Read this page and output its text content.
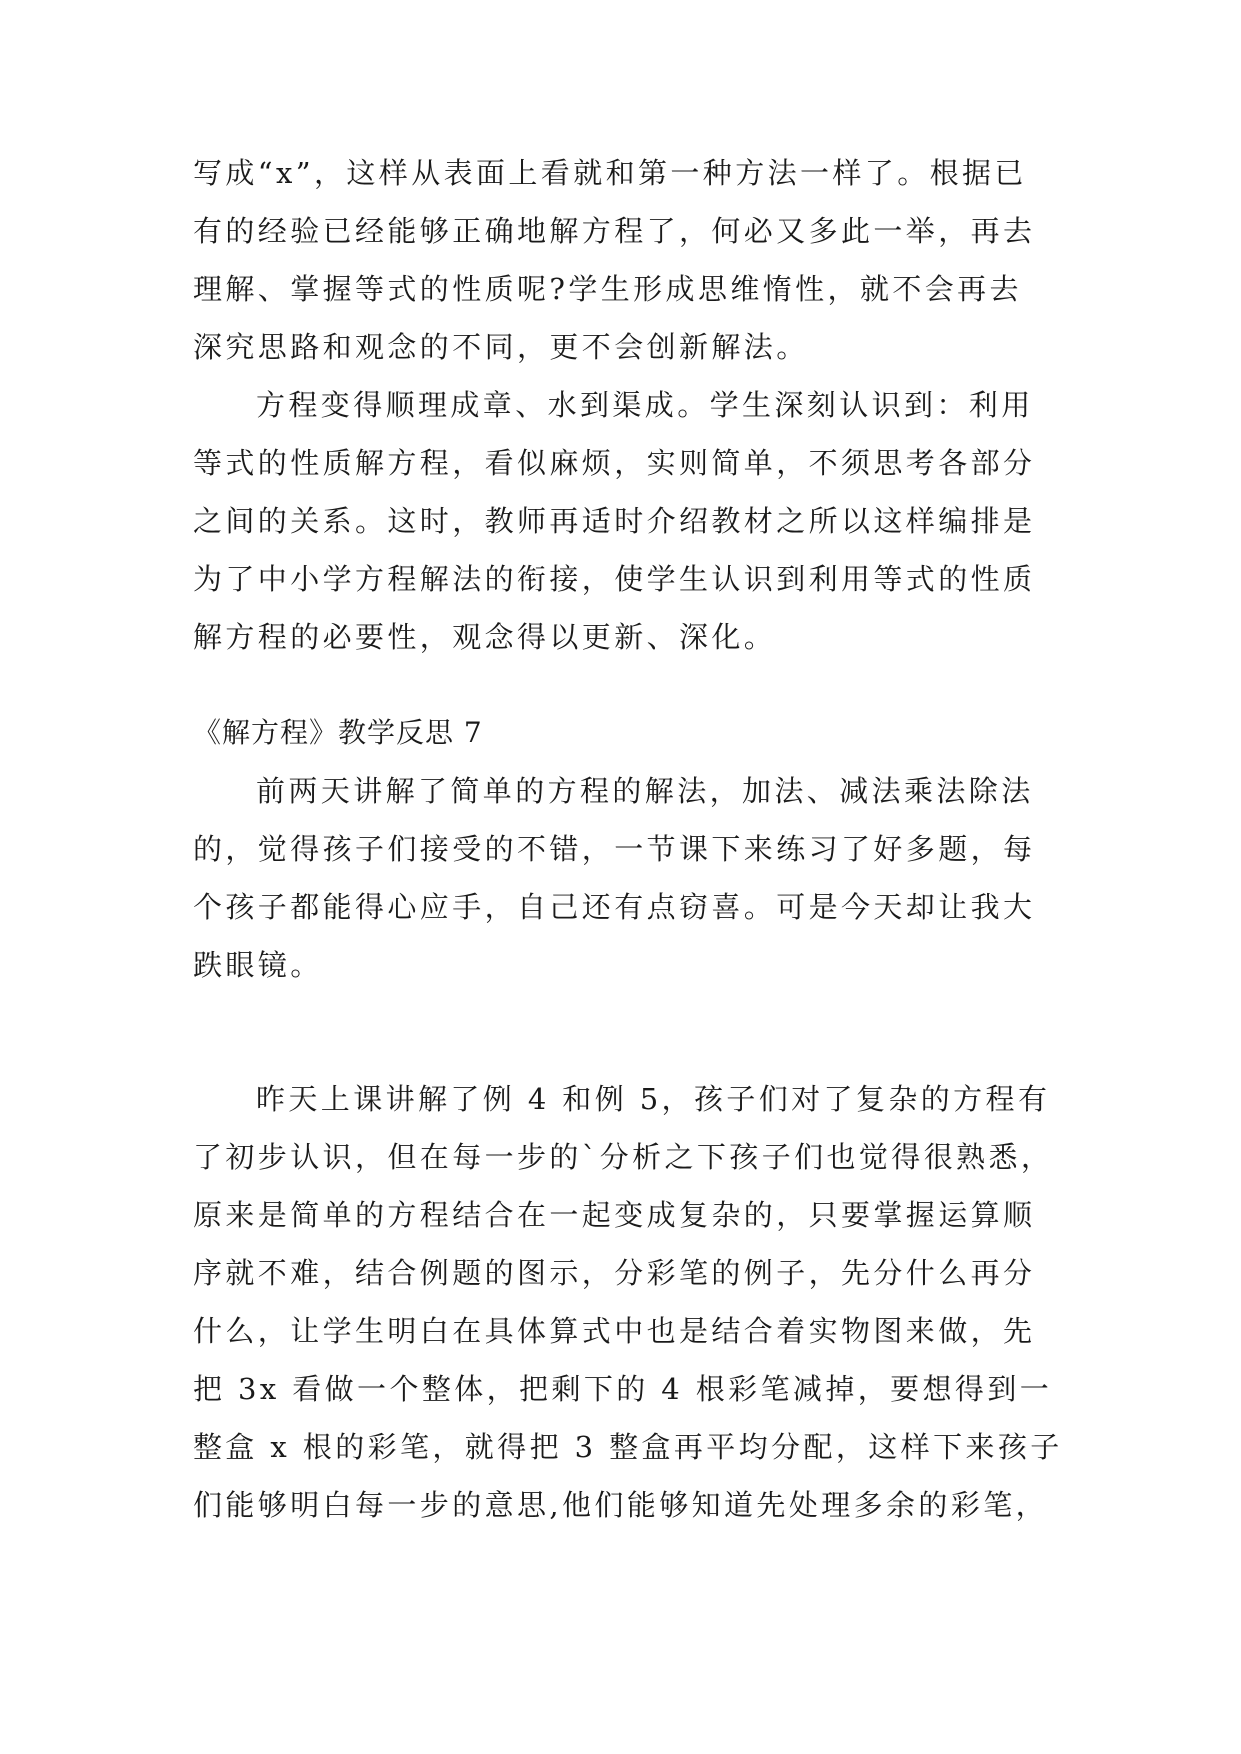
写成“x”，这样从表面上看就和第一种方法一样了。根据已
有的经验已经能够正确地解方程了，何必又多此一举，再去
理解、掌握等式的性质呢?学生形成思维惰性，就不会再去
深究思路和观念的不同，更不会创新解法。
方程变得顺理成章、水到渠成。学生深刻认识到：利用
等式的性质解方程，看似麻烦，实则简单，不须思考各部分
之间的关系。这时，教师再适时介绍教材之所以这样编排是
为了中小学方程解法的衔接，使学生认识到利用等式的性质
解方程的必要性，观念得以更新、深化。
《解方程》教学反思 7
前两天讲解了简单的方程的解法，加法、减法乘法除法
的，觉得孩子们接受的不错，一节课下来练习了好多题，每
个孩子都能得心应手，自己还有点窃喜。可是今天却让我大
跌眼镜。
昨天上课讲解了例 4 和例 5，孩子们对了复杂的方程有
了初步认识，但在每一步的`分析之下孩子们也觉得很熟悉，
原来是简单的方程结合在一起变成复杂的，只要掌握运算顺
序就不难，结合例题的图示，分彩笔的例子，先分什么再分
什么，让学生明白在具体算式中也是结合着实物图来做，先
把 3x 看做一个整体，把剩下的 4 根彩笔减掉，要想得到一
整盒 x 根的彩笔，就得把 3 整盒再平均分配，这样下来孩子
们能够明白每一步的意思,他们能够知道先处理多余的彩笔，
